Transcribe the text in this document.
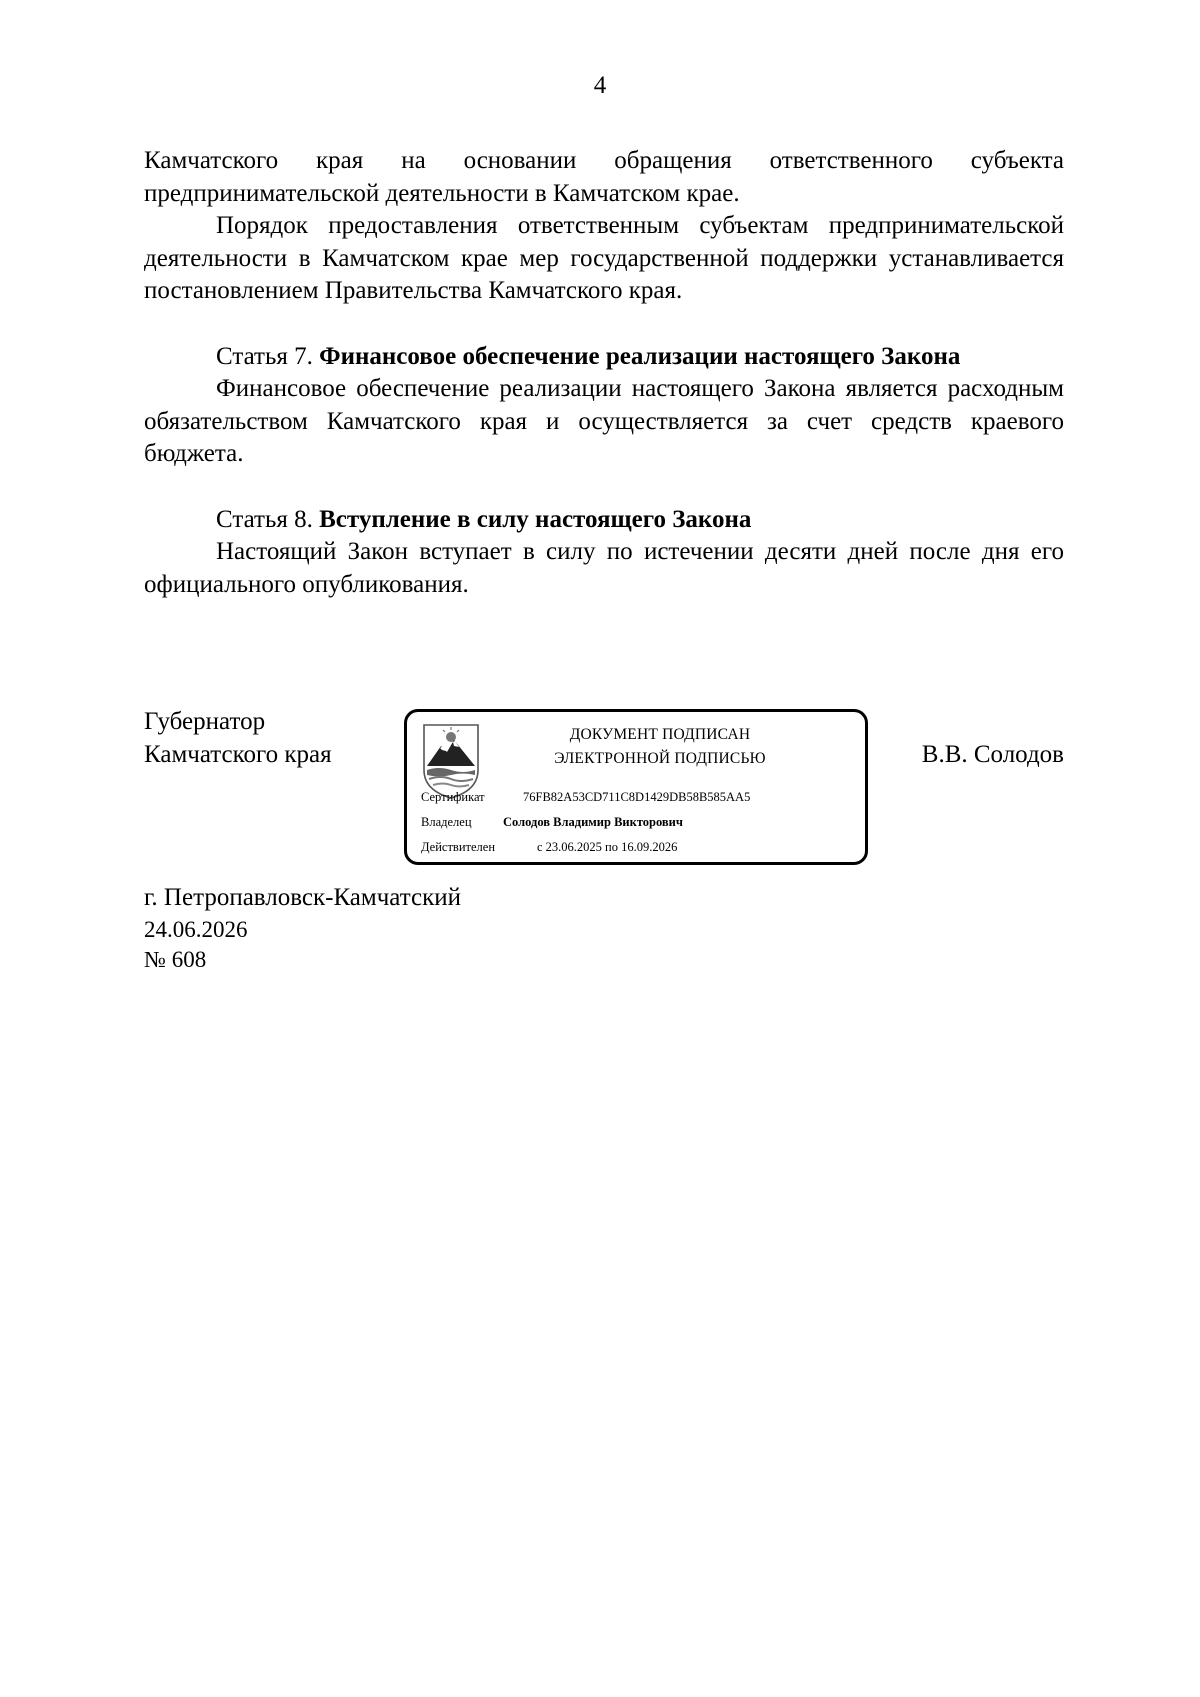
4

Камчатского края на основании обращения ответственного субъекта предпринимательской деятельности в Камчатском крае.

Порядок предоставления ответственным субъектам предпринимательской деятельности в Камчатском крае мер государственной поддержки устанавливается постановлением Правительства Камчатского края.

Статья 7. Финансовое обеспечение реализации настоящего Закона

Финансовое обеспечение реализации настоящего Закона является расходным обязательством Камчатского края и осуществляется за счет средств краевого бюджета.

Статья 8. Вступление в силу настоящего Закона

Настоящий Закон вступает в силу по истечении десяти дней после дня его официального опубликования.

Губернатор
Камчатского края
ДОКУМЕНТ ПОДПИСАН
ЭЛЕКТРОННОЙ ПОДПИСЬЮ
Сертификат	76FB82A53CD711C8D1429DB58B585AA5
Владелец	Солодов Владимир Викторович
Действителен	с 23.06.2025 по 16.09.2026
В.В. Солодов
г. Петропавловск-Камчатский
24.06.2026
№ 608
